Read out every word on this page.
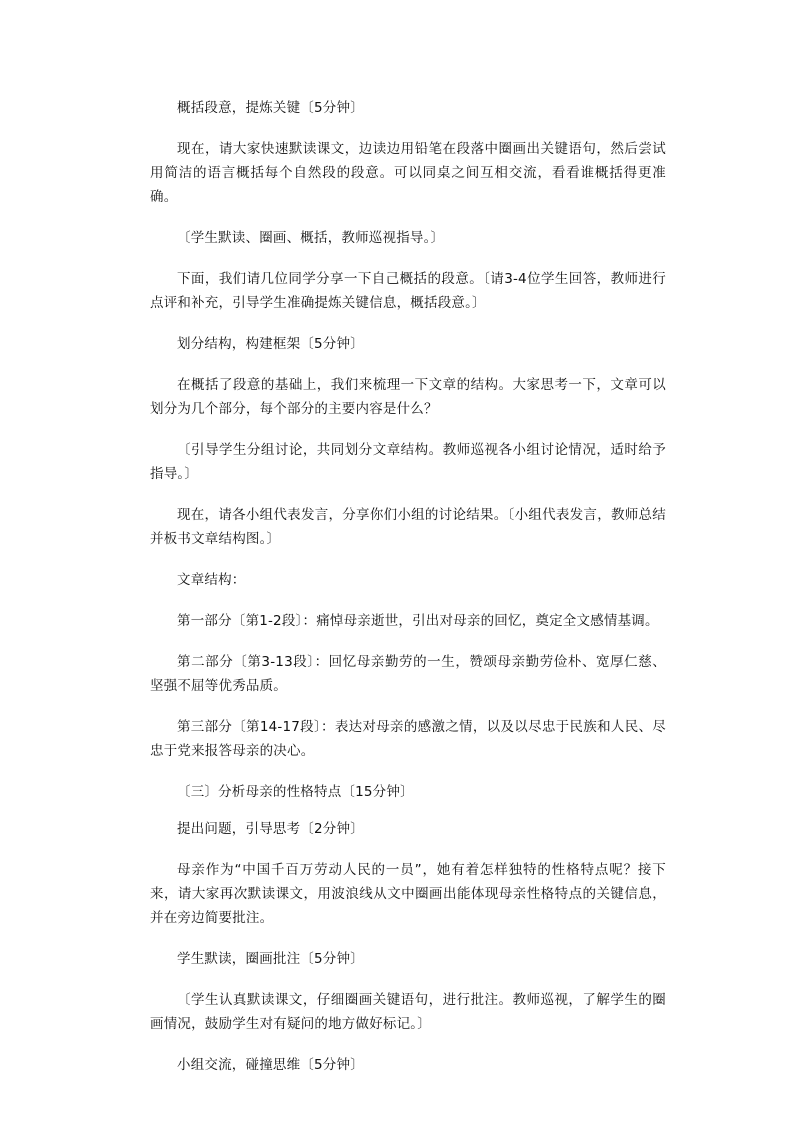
概括段意，提炼关键〔5分钟〕

现在，请大家快速默读课文，边读边用铅笔在段落中圈画出关键语句，然后尝试用简洁的语言概括每个自然段的段意。可以同桌之间互相交流，看看谁概括得更准确。

〔学生默读、圈画、概括，教师巡视指导。〕

下面，我们请几位同学分享一下自己概括的段意。〔请3-4位学生回答，教师进行点评和补充，引导学生准确提炼关键信息，概括段意。〕

划分结构，构建框架〔5分钟〕

在概括了段意的基础上，我们来梳理一下文章的结构。大家思考一下，文章可以划分为几个部分，每个部分的主要内容是什么？

〔引导学生分组讨论，共同划分文章结构。教师巡视各小组讨论情况，适时给予指导。〕

现在，请各小组代表发言，分享你们小组的讨论结果。〔小组代表发言，教师总结并板书文章结构图。〕

文章结构：

第一部分〔第1-2段〕：痛悼母亲逝世，引出对母亲的回忆，奠定全文感情基调。

第二部分〔第3-13段〕：回忆母亲勤劳的一生，赞颂母亲勤劳俭朴、宽厚仁慈、坚强不屈等优秀品质。

第三部分〔第14-17段〕：表达对母亲的感激之情，以及以尽忠于民族和人民、尽忠于党来报答母亲的决心。

〔三〕分析母亲的性格特点〔15分钟〕

提出问题，引导思考〔2分钟〕

母亲作为“中国千百万劳动人民的一员”，她有着怎样独特的性格特点呢？接下来，请大家再次默读课文，用波浪线从文中圈画出能体现母亲性格特点的关键信息，并在旁边简要批注。

学生默读，圈画批注〔5分钟〕

〔学生认真默读课文，仔细圈画关键语句，进行批注。教师巡视，了解学生的圈画情况，鼓励学生对有疑问的地方做好标记。〕

小组交流，碰撞思维〔5分钟〕
